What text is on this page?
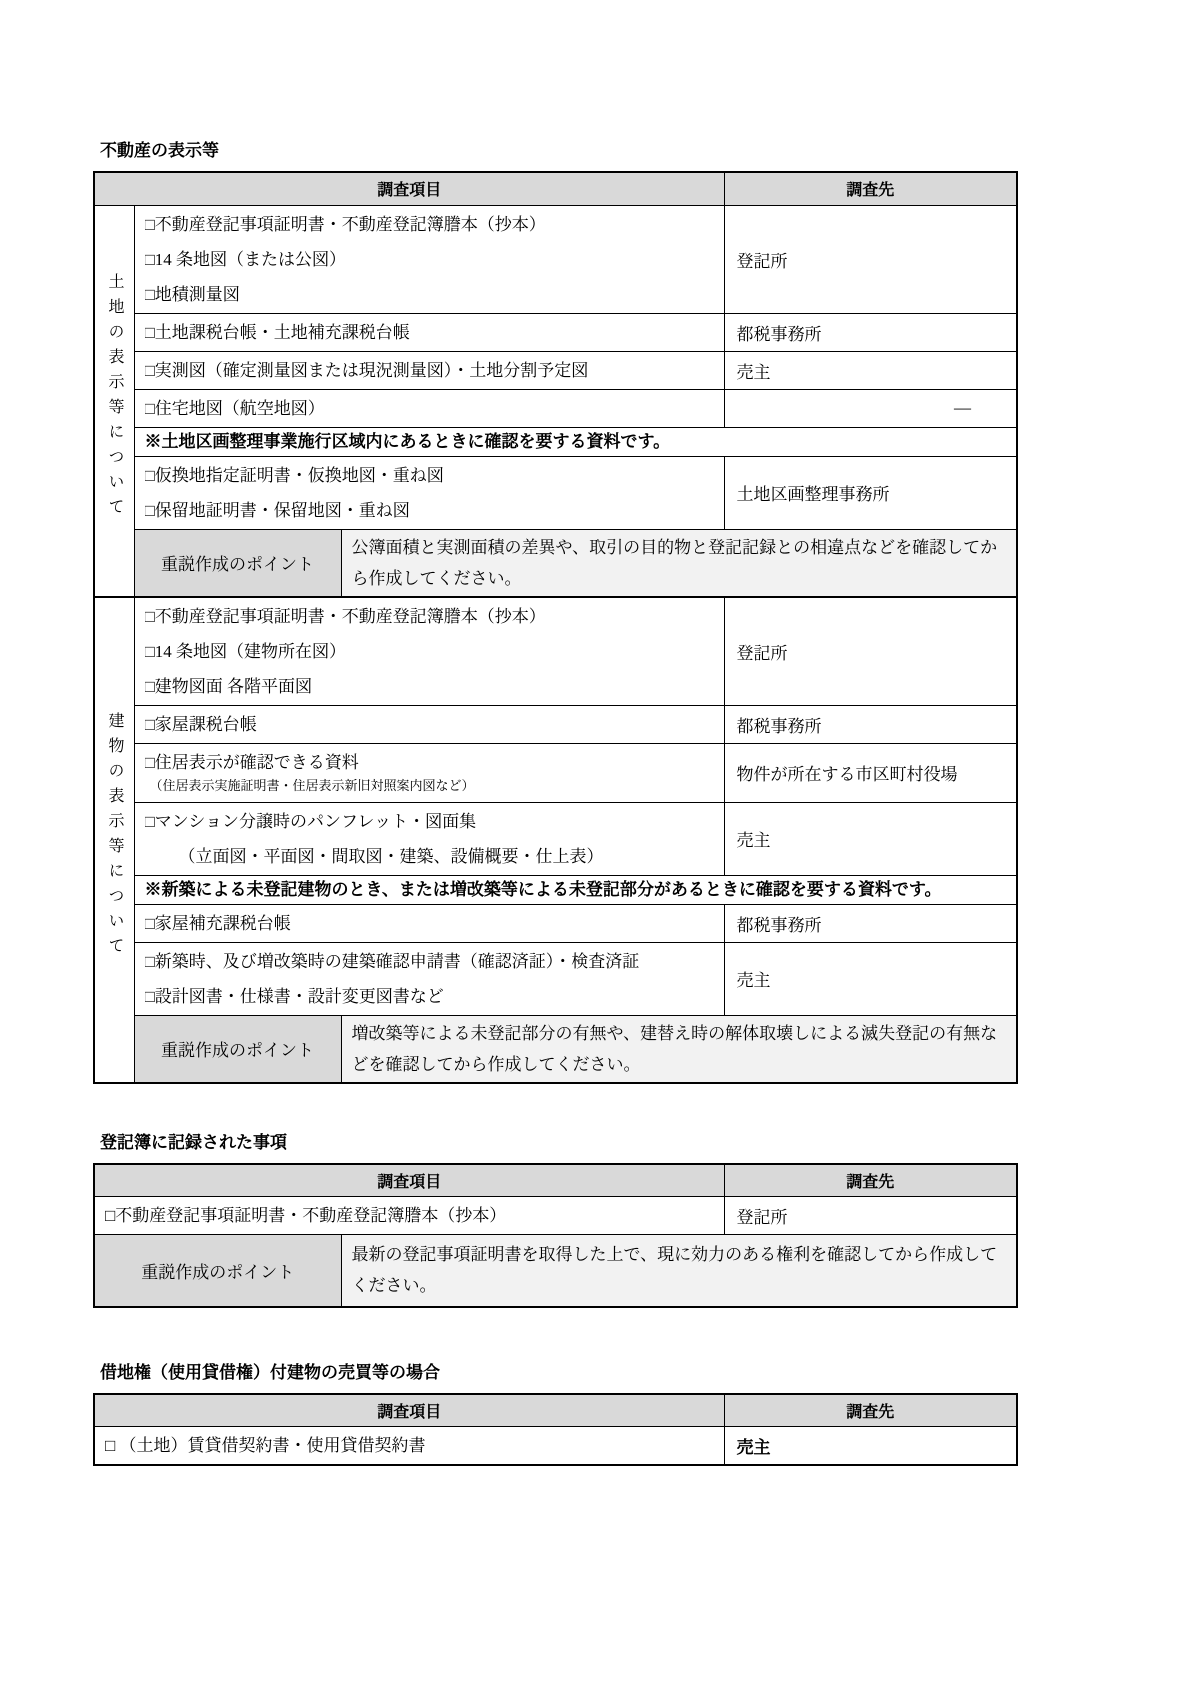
不動産の表示等
調査項目			調査先
土地の表示等について	□不動産登記事項証明書・不動産登記簿謄本（抄本）
□14 条地図（または公図）
□地積測量図		登記所

	□土地課税台帳・土地補充課税台帳		都税事務所

	□実測図（確定測量図または現況測量図）・土地分割予定図		売主

	□住宅地図（航空地図）		―
	※土地区画整理事業施行区域内にあるときに確認を要する資料です。		

	□仮換地指定証明書・仮換地図・重ね図
□保留地証明書・保留地図・重ね図		土地区画整理事務所
	重説作成のポイント	公簿面積と実測面積の差異や、取引の目的物と登記記録との相違点などを確認してから作成してください。	
建物の表示等について	□不動産登記事項証明書・不動産登記簿謄本（抄本）
□14 条地図（建物所在図）
□建物図面 各階平面図		登記所

	□家屋課税台帳		都税事務所

	□住居表示が確認できる資料
（住居表示実施証明書・住居表示新旧対照案内図など）		物件が所在する市区町村役場

	□マンション分譲時のパンフレット・図面集
（立面図・平面図・間取図・建築、設備概要・仕上表）		売主
	※新築による未登記建物のとき、または増改築等による未登記部分があるときに確認を要する資料です。		

	□家屋補充課税台帳		都税事務所

	□新築時、及び増改築時の建築確認申請書（確認済証）・検査済証
□設計図書・仕様書・設計変更図書など		売主
	重説作成のポイント	増改築等による未登記部分の有無や、建替え時の解体取壊しによる滅失登記の有無などを確認してから作成してください。	
登記簿に記録された事項
調査項目		調査先

□不動産登記事項証明書・不動産登記簿謄本（抄本）		登記所
重説作成のポイント	最新の登記事項証明書を取得した上で、現に効力のある権利を確認してから作成してください。	
借地権（使用貸借権）付建物の売買等の場合
調査項目	調査先

□ （土地）賃貸借契約書・使用貸借契約書	売主
